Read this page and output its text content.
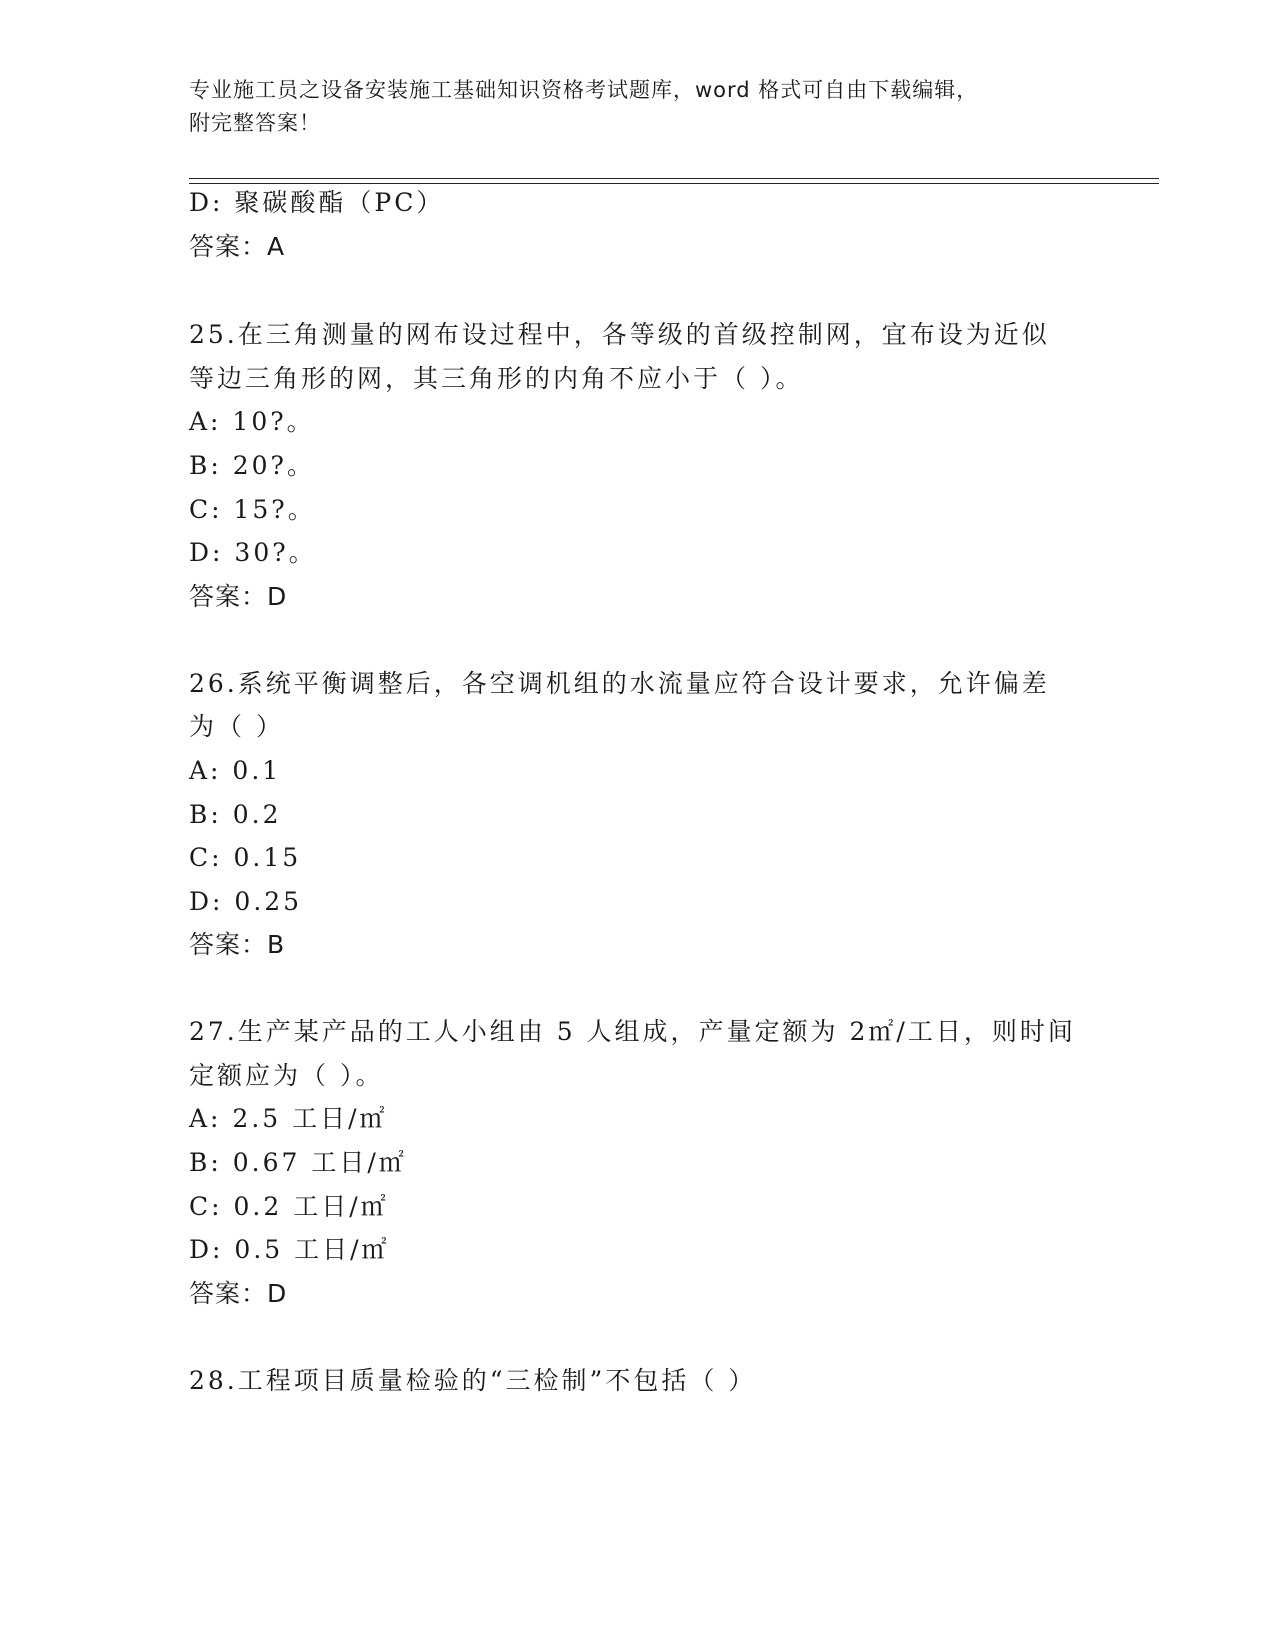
专业施工员之设备安装施工基础知识资格考试题库，word 格式可自由下载编辑，
附完整答案！
D: 聚碳酸酯（PC）
答案：A
25.在三角测量的网布设过程中，各等级的首级控制网，宜布设为近似
等边三角形的网，其三角形的内角不应小于（ ）。
A: 10?。
B: 20?。
C: 15?。
D: 30?。
答案：D
26.系统平衡调整后，各空调机组的水流量应符合设计要求，允许偏差
为（ ）
A: 0.1
B: 0.2
C: 0.15
D: 0.25
答案：B
27.生产某产品的工人小组由 5 人组成，产量定额为 2㎡/工日，则时间
定额应为（ ）。
A: 2.5 工日/㎡
B: 0.67 工日/㎡
C: 0.2 工日/㎡
D: 0.5 工日/㎡
答案：D
28.工程项目质量检验的“三检制”不包括（ ）
